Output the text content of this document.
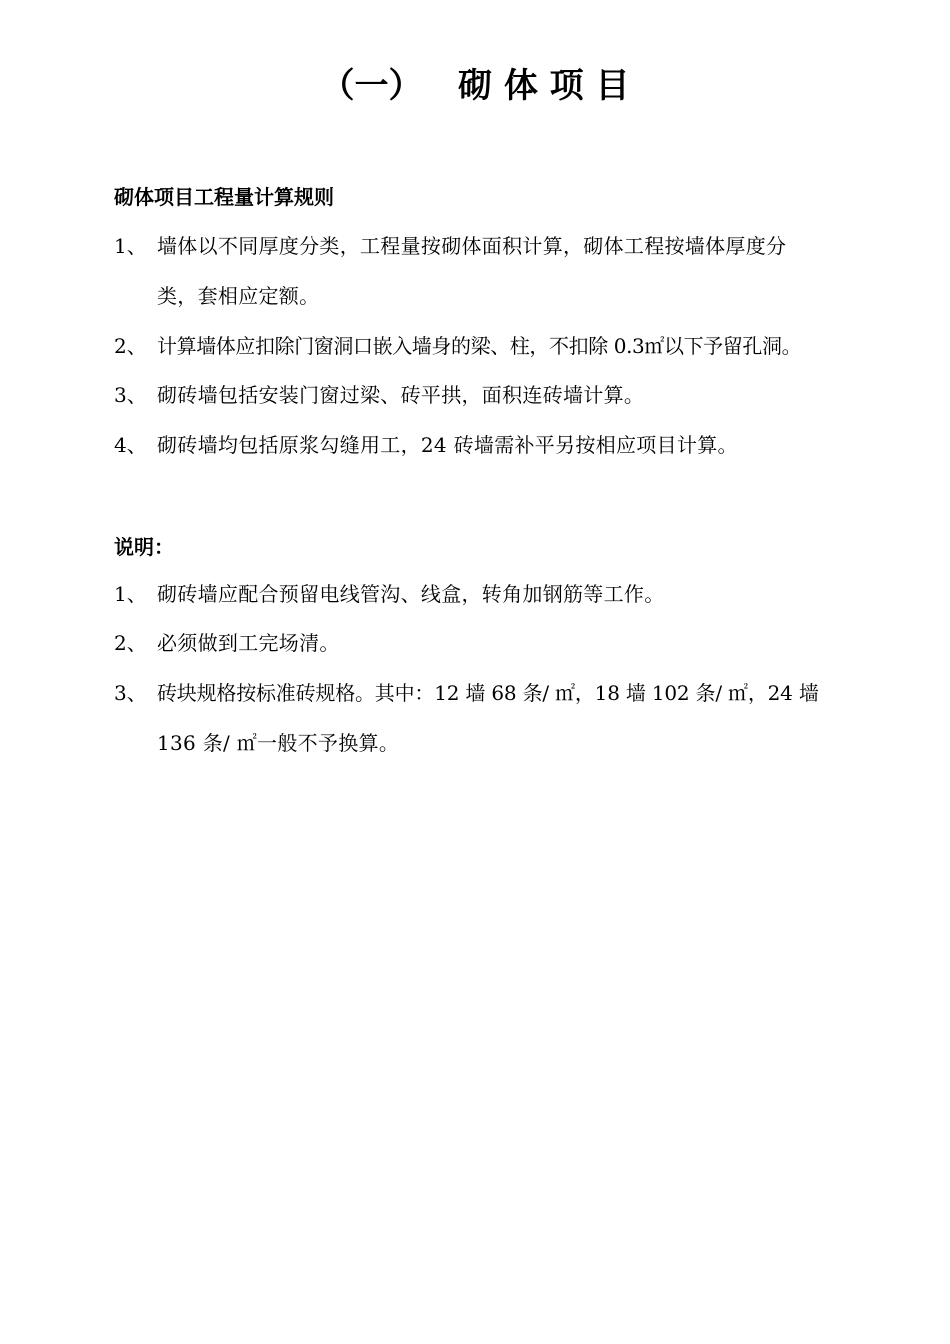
（一）   砌 体 项 目
砌体项目工程量计算规则
1、 墙体以不同厚度分类，工程量按砌体面积计算，砌体工程按墙体厚度分
类，套相应定额。
2、 计算墙体应扣除门窗洞口嵌入墙身的梁、柱，不扣除 0.3㎡以下予留孔洞。
3、 砌砖墙包括安装门窗过梁、砖平拱，面积连砖墙计算。
4、 砌砖墙均包括原浆勾缝用工，24 砖墙需补平另按相应项目计算。
说明：
1、 砌砖墙应配合预留电线管沟、线盒，转角加钢筋等工作。
2、 必须做到工完场清。
3、 砖块规格按标准砖规格。其中：12 墙 68 条/ ㎡，18 墙 102 条/ ㎡，24 墙
136 条/ ㎡一般不予换算。
